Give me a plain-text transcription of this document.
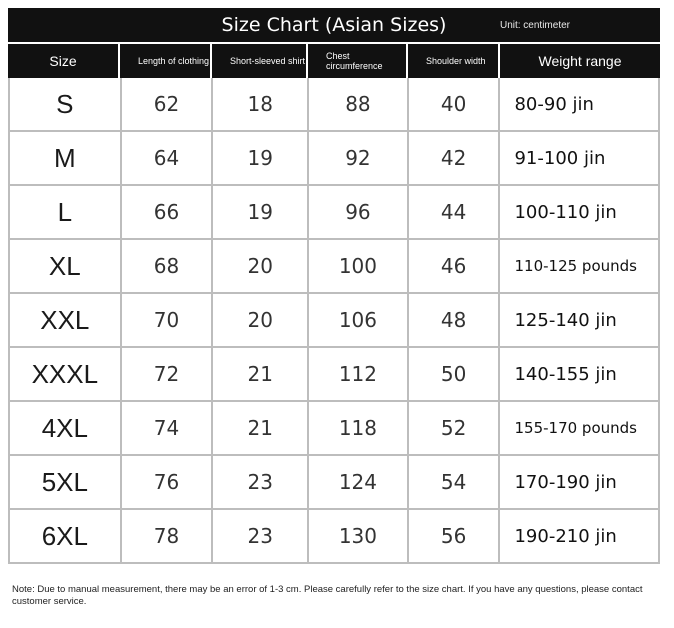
Size Chart (Asian Sizes)	Unit: centimeter
Size	Length of clothing	Short-sleeved shirt	Chest circumference	Shoulder width	Weight range
S	62	18	88	40	80-90 jin
M	64	19	92	42	91-100 jin
L	66	19	96	44	100-110 jin
XL	68	20	100	46	110-125 pounds
XXL	70	20	106	48	125-140 jin
XXXL	72	21	112	50	140-155 jin
4XL	74	21	118	52	155-170 pounds
5XL	76	23	124	54	170-190 jin
6XL	78	23	130	56	190-210 jin
Note: Due to manual measurement, there may be an error of 1-3 cm. Please carefully refer to the size chart. If you have any questions, please contact customer service.
